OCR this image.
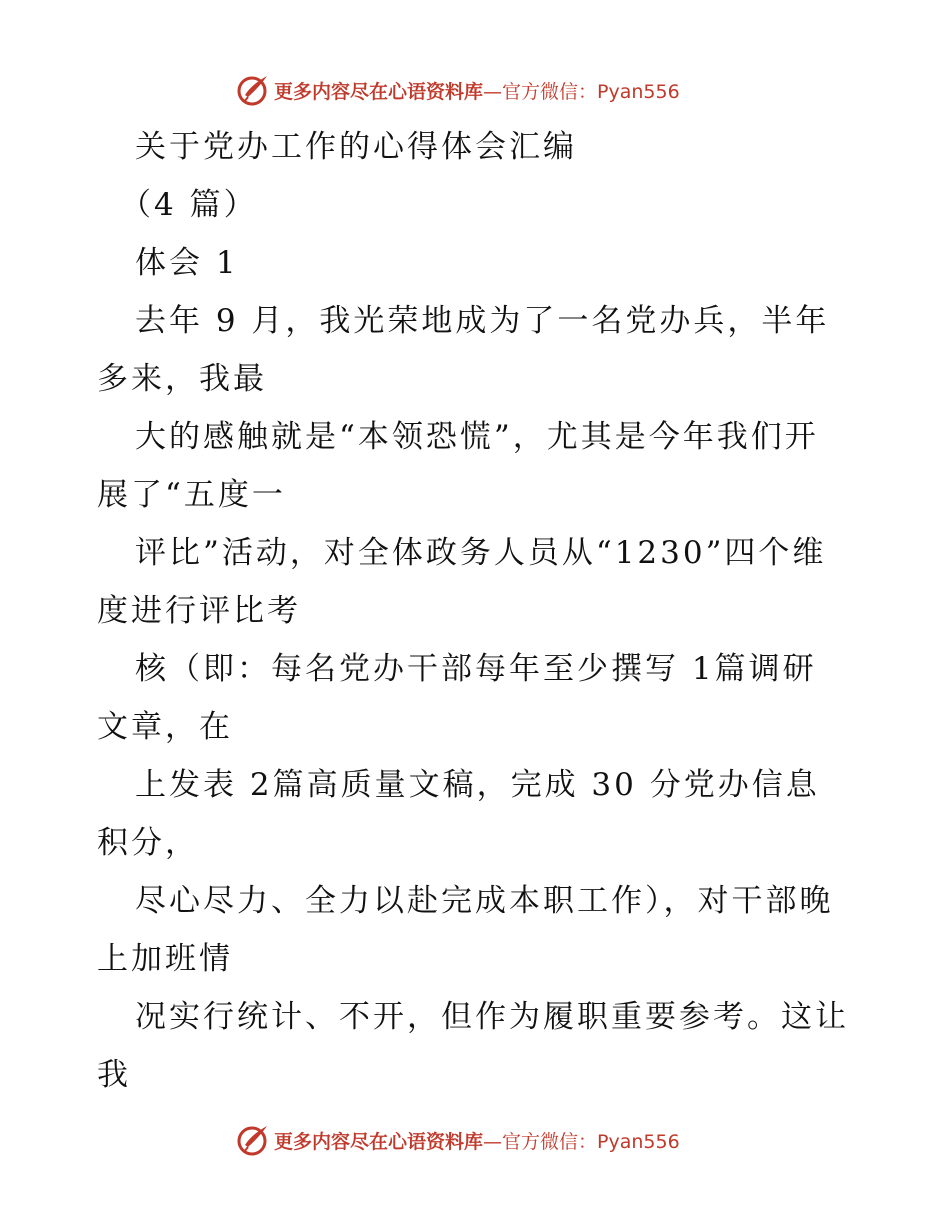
更多内容尽在心语资料库—官方微信：Pyan556

关于党办工作的心得体会汇编

（4 篇）

体会 1

去年 9 月，我光荣地成为了一名党办兵，半年

多来，我最

大的感触就是“本领恐慌”，尤其是今年我们开

展了“五度一

评比”活动，对全体政务人员从“1230”四个维

度进行评比考

核（即：每名党办干部每年至少撰写 1篇调研

文章，在

上发表 2篇高质量文稿，完成 30 分党办信息

积分，

尽心尽力、全力以赴完成本职工作），对干部晚

上加班情

况实行统计、不开，但作为履职重要参考。这让

我

更多内容尽在心语资料库—官方微信：Pyan556
